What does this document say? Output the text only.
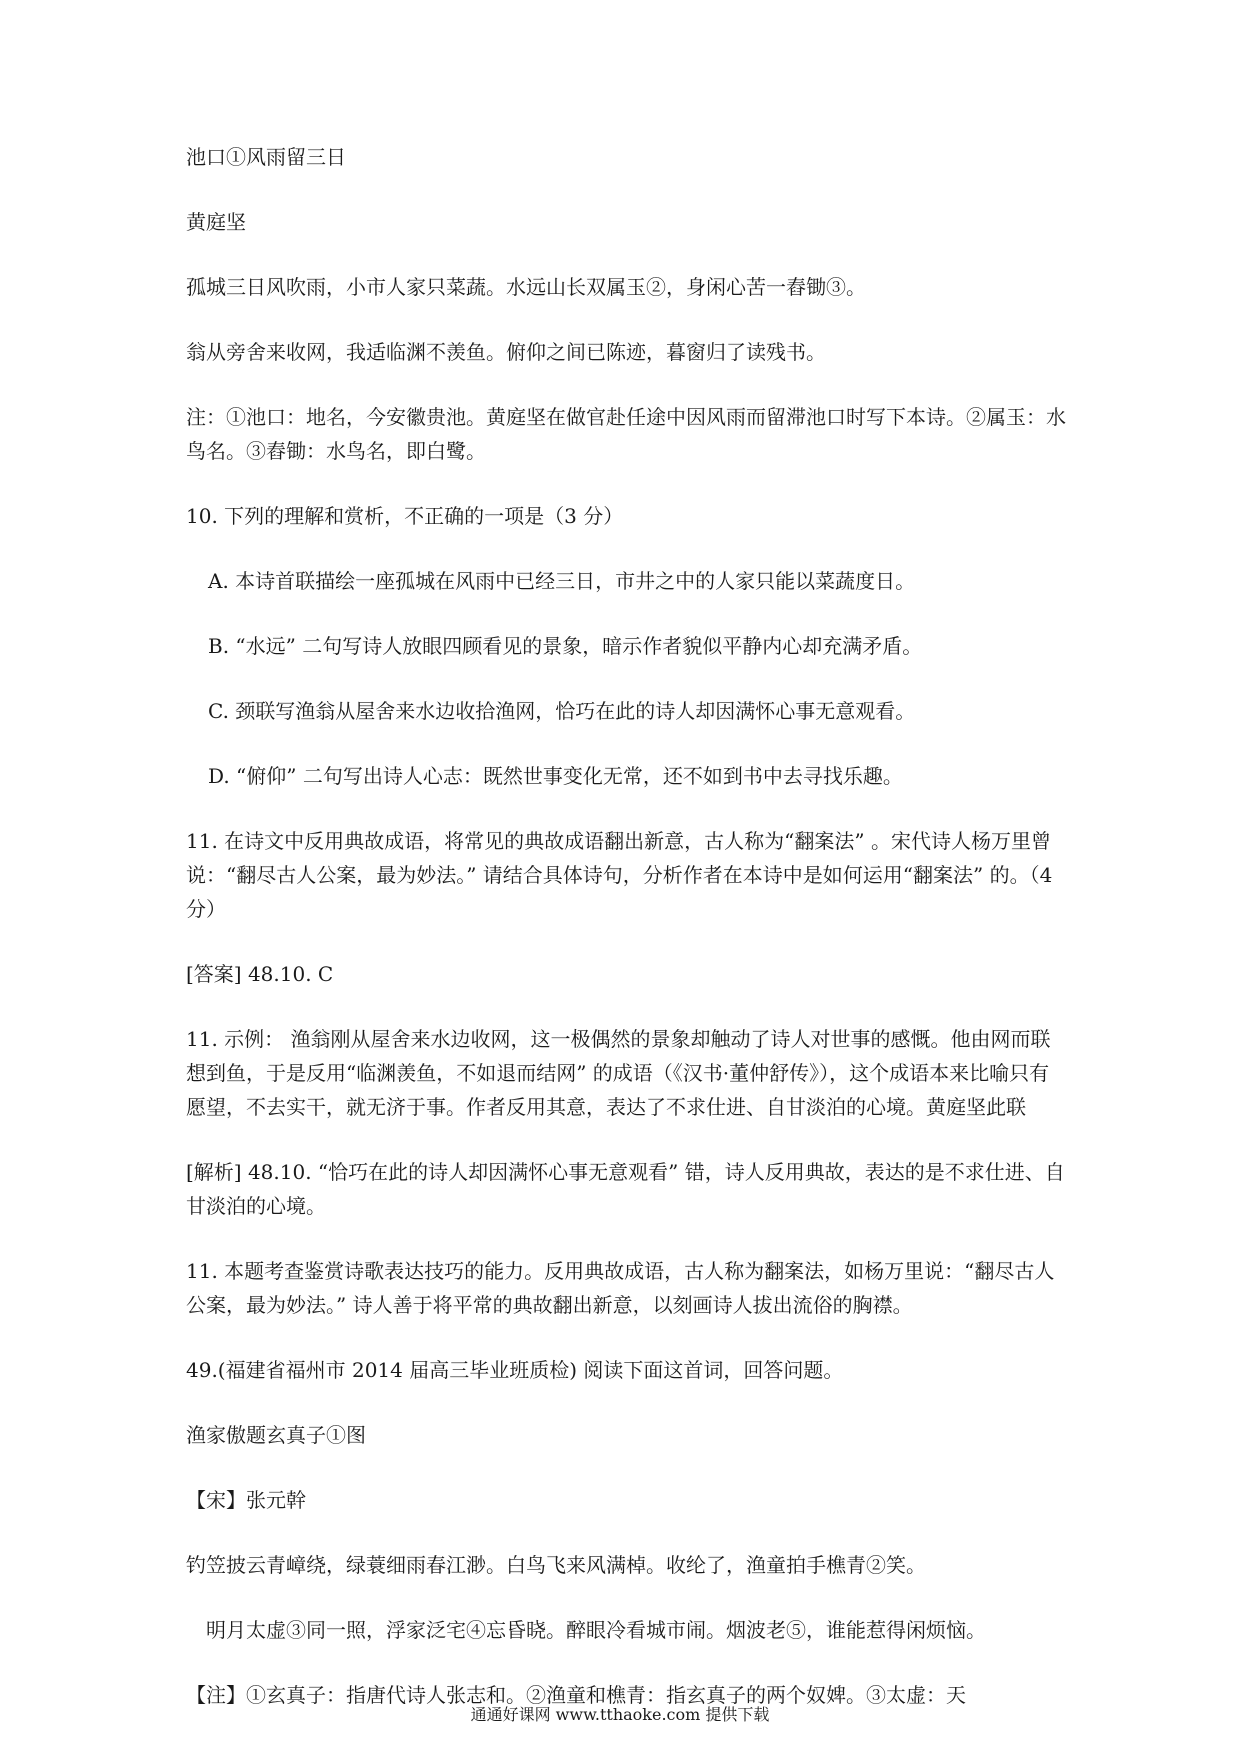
池口①风雨留三日

黄庭坚

孤城三日风吹雨，小市人家只菜蔬。水远山长双属玉②，身闲心苦一舂锄③。

翁从旁舍来收网，我适临渊不羡鱼。俯仰之间已陈迹，暮窗归了读残书。

注：①池口：地名，今安徽贵池。黄庭坚在做官赴任途中因风雨而留滞池口时写下本诗。②属玉：水鸟名。③舂锄：水鸟名，即白鹭。

10. 下列的理解和赏析，不正确的一项是（3 分）

A. 本诗首联描绘一座孤城在风雨中已经三日，市井之中的人家只能以菜蔬度日。

B. “水远” 二句写诗人放眼四顾看见的景象，暗示作者貌似平静内心却充满矛盾。

C. 颈联写渔翁从屋舍来水边收拾渔网，恰巧在此的诗人却因满怀心事无意观看。

D. “俯仰” 二句写出诗人心志：既然世事变化无常，还不如到书中去寻找乐趣。

11. 在诗文中反用典故成语，将常见的典故成语翻出新意，古人称为“翻案法” 。宋代诗人杨万里曾说：“翻尽古人公案，最为妙法。” 请结合具体诗句，分析作者在本诗中是如何运用“翻案法” 的。（4 分）

[答案] 48.10. C

11. 示例： 渔翁刚从屋舍来水边收网，这一极偶然的景象却触动了诗人对世事的感慨。他由网而联想到鱼，于是反用“临渊羡鱼，不如退而结网” 的成语（《汉书·董仲舒传》），这个成语本来比喻只有愿望，不去实干，就无济于事。作者反用其意，表达了不求仕进、自甘淡泊的心境。黄庭坚此联

[解析] 48.10. “恰巧在此的诗人却因满怀心事无意观看” 错，诗人反用典故，表达的是不求仕进、自甘淡泊的心境。

11. 本题考查鉴赏诗歌表达技巧的能力。反用典故成语，古人称为翻案法，如杨万里说：“翻尽古人公案，最为妙法。” 诗人善于将平常的典故翻出新意，以刻画诗人拔出流俗的胸襟。

49.(福建省福州市 2014 届高三毕业班质检) 阅读下面这首词，回答问题。

渔家傲题玄真子①图

【宋】张元幹

钓笠披云青嶂绕，绿蓑细雨春江渺。白鸟飞来风满棹。收纶了，渔童拍手樵青②笑。

明月太虚③同一照，浮家泛宅④忘昏晓。醉眼冷看城市闹。烟波老⑤，谁能惹得闲烦恼。

【注】①玄真子：指唐代诗人张志和。②渔童和樵青：指玄真子的两个奴婢。③太虚：天

通通好课网 www.tthaoke.com 提供下载
